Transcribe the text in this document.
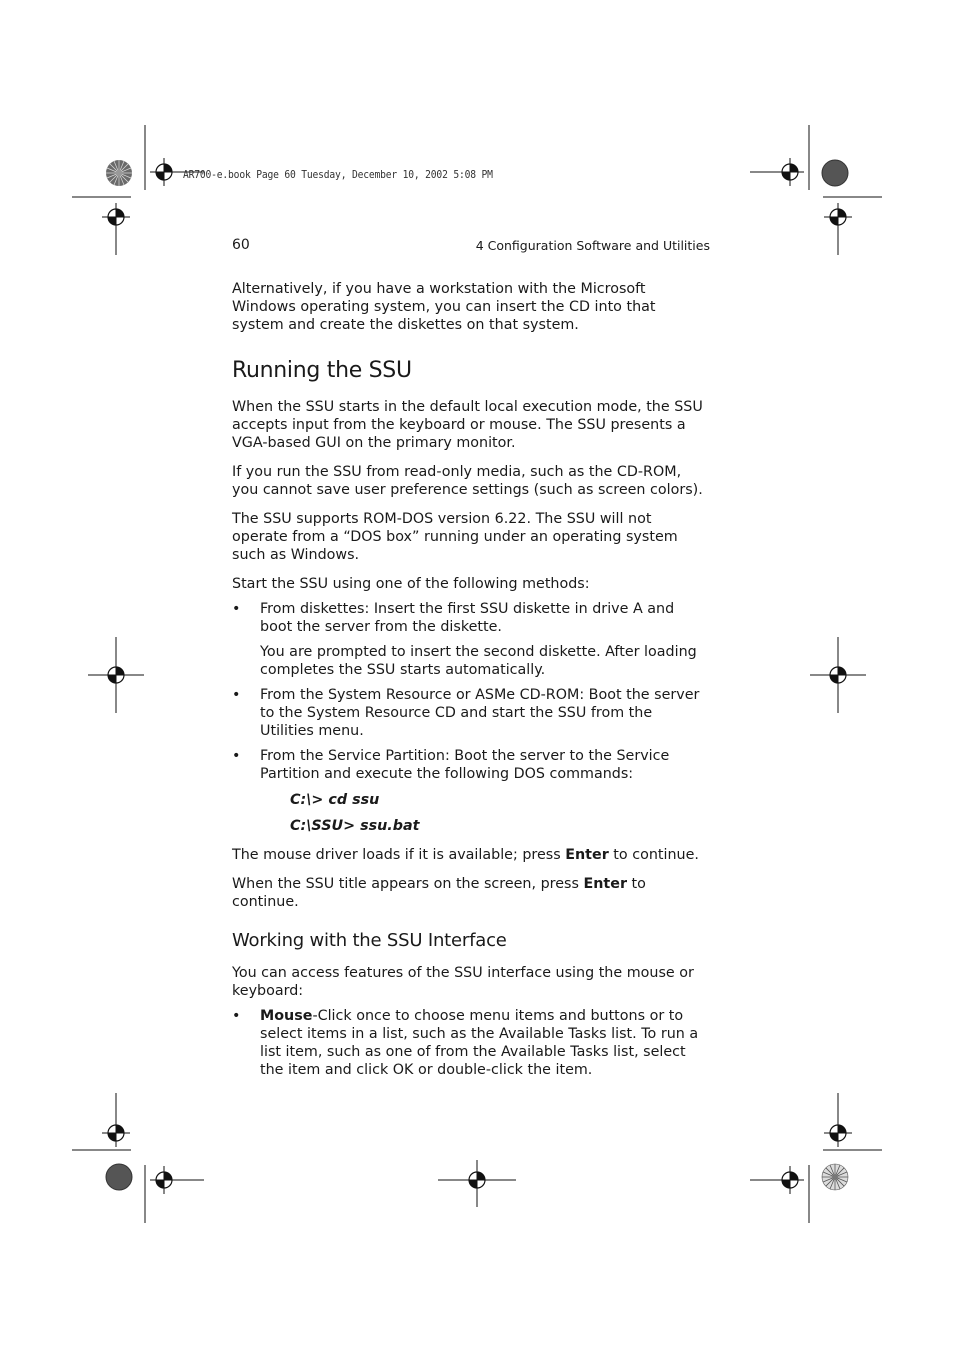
AR700-e.book Page 60 Tuesday, December 10, 2002 5:08 PM
60	4 Configuration Software and Utilities

Alternatively, if you have a workstation with the Microsoft Windows operating system, you can insert the CD into that system and create the diskettes on that system.

Running the SSU

When the SSU starts in the default local execution mode, the SSU accepts input from the keyboard or mouse. The SSU presents a VGA-based GUI on the primary monitor.

If you run the SSU from read-only media, such as the CD-ROM, you cannot save user preference settings (such as screen colors).

The SSU supports ROM-DOS version 6.22. The SSU will not operate from a “DOS box” running under an operating system such as Windows.

Start the SSU using one of the following methods:

• From diskettes: Insert the first SSU diskette in drive A and boot the server from the diskette.

You are prompted to insert the second diskette. After loading completes the SSU starts automatically.

• From the System Resource or ASMe CD-ROM: Boot the server to the System Resource CD and start the SSU from the Utilities menu.
• From the Service Partition: Boot the server to the Service Partition and execute the following DOS commands:
C:\> cd ssu
C:\SSU> ssu.bat

The mouse driver loads if it is available; press Enter to continue.

When the SSU title appears on the screen, press Enter to continue.

Working with the SSU Interface

You can access features of the SSU interface using the mouse or keyboard:

• Mouse-Click once to choose menu items and buttons or to select items in a list, such as the Available Tasks list. To run a list item, such as one of from the Available Tasks list, select the item and click OK or double-click the item.
